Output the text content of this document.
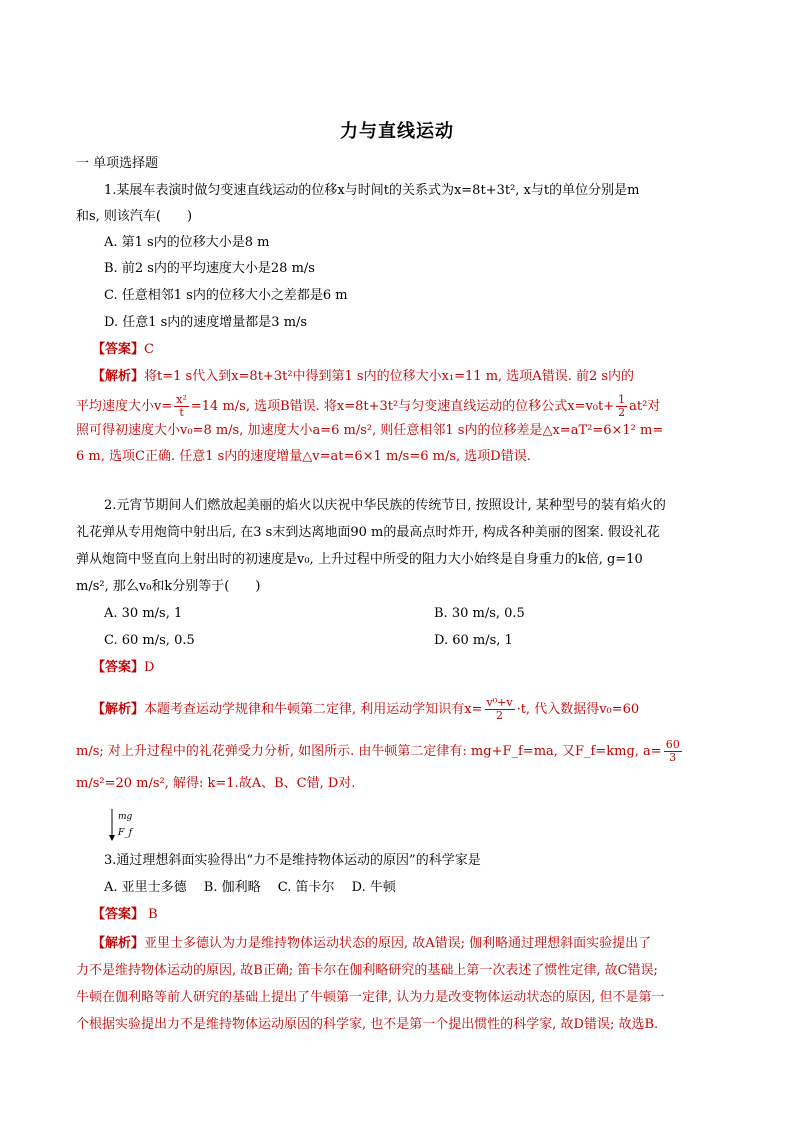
力与直线运动
一 单项选择题
1.某展车表演时做匀变速直线运动的位移x与时间t的关系式为x=8t+3t², x与t的单位分别是m
和s, 则该汽车(　　)
A. 第1 s内的位移大小是8 m
B. 前2 s内的平均速度大小是28 m/s
C. 任意相邻1 s内的位移大小之差都是6 m
D. 任意1 s内的速度增量都是3 m/s
【答案】C
【解析】将t=1 s代入到x=8t+3t²中得到第1 s内的位移大小x₁=11 m, 选项A错误. 前2 s内的
平均速度大小$v= \frac{\text{x²}}{t} =14$ m/s, 选项B错误. 将x=8t+3t²与匀变速直线运动的位移公式$x=v_0t+ \frac{1}{2} at^2$对
照可得初速度大小v₀=8 m/s, 加速度大小a=6 m/s², 则任意相邻1 s内的位移差是△x=aT²=6×1² m=
6 m, 选项C正确. 任意1 s内的速度增量△v=at=6×1 m/s=6 m/s, 选项D错误.
2.元宵节期间人们燃放起美丽的焰火以庆祝中华民族的传统节日, 按照设计, 某种型号的装有焰火的
礼花弹从专用炮筒中射出后, 在3 s末到达离地面90 m的最高点时炸开, 构成各种美丽的图案. 假设礼花
弹从炮筒中竖直向上射出时的初速度是v₀, 上升过程中所受的阻力大小始终是自身重力的k倍, g=10
m/s², 那么v₀和k分别等于(　　)
A. 30 m/s, 1	B. 30 m/s, 0.5
C. 60 m/s, 0.5	D. 60 m/s, 1
【答案】D
【解析】本题考查运动学规律和牛顿第二定律, 利用运动学知识有$x= \frac{\text{v⁰+v}}{2} \cdot t$, 代入数据得v₀=60
m/s; 对上升过程中的礼花弹受力分析, 如图所示. 由牛顿第二定律有: mg+F_f=ma, 又F_f=kmg, $a= \frac{60}{3}$
m/s²=20 m/s², 解得: k=1.故A、B、C错, D对.
mg
F_f
3.通过理想斜面实验得出“力不是维持物体运动的原因”的科学家是
A. 亚里士多德　 B. 伽利略　 C. 笛卡尔　 D. 牛顿
【答案】 B
【解析】亚里士多德认为力是维持物体运动状态的原因, 故A错误; 伽利略通过理想斜面实验提出了
力不是维持物体运动的原因, 故B正确; 笛卡尔在伽利略研究的基础上第一次表述了惯性定律, 故C错误;
牛顿在伽利略等前人研究的基础上提出了牛顿第一定律, 认为力是改变物体运动状态的原因, 但不是第一
个根据实验提出力不是维持物体运动原因的科学家, 也不是第一个提出惯性的科学家, 故D错误; 故选B.
